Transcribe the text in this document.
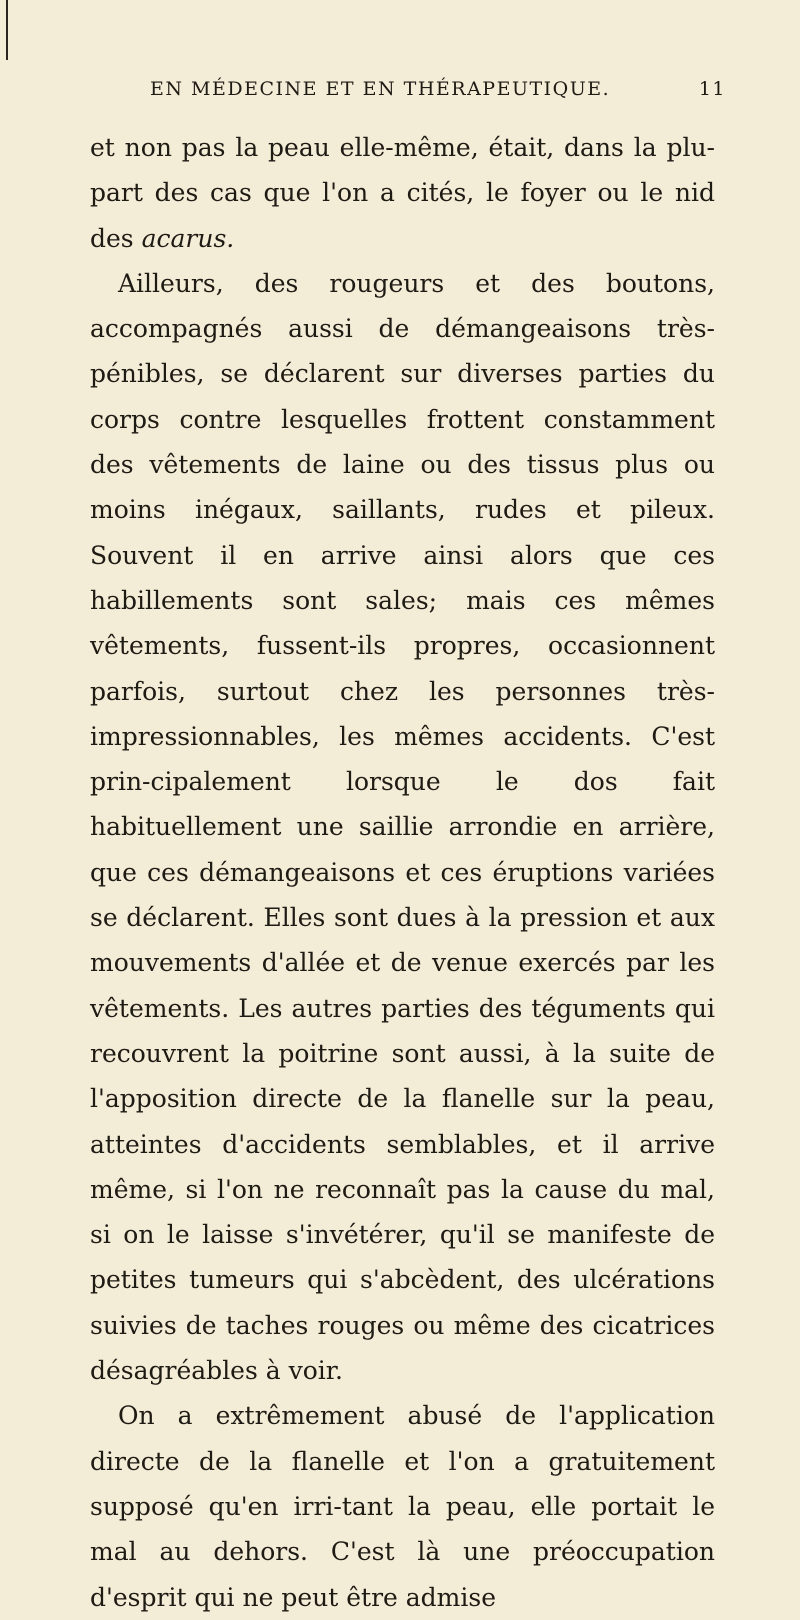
EN MÉDECINE ET EN THÉRAPEUTIQUE.	11

et non pas la peau elle-même, était, dans la plu-part des cas que l'on a cités, le foyer ou le nid des acarus.

Ailleurs, des rougeurs et des boutons, accompagnés aussi de démangeaisons très-pénibles, se déclarent sur diverses parties du corps contre lesquelles frottent constamment des vêtements de laine ou des tissus plus ou moins inégaux, saillants, rudes et pileux. Souvent il en arrive ainsi alors que ces habillements sont sales; mais ces mêmes vêtements, fussent-ils propres, occasionnent parfois, surtout chez les personnes très-impressionnables, les mêmes accidents. C'est prin-cipalement lorsque le dos fait habituellement une saillie arrondie en arrière, que ces démangeaisons et ces éruptions variées se déclarent. Elles sont dues à la pression et aux mouvements d'allée et de venue exercés par les vêtements. Les autres parties des téguments qui recouvrent la poitrine sont aussi, à la suite de l'apposition directe de la flanelle sur la peau, atteintes d'accidents semblables, et il arrive même, si l'on ne reconnaît pas la cause du mal, si on le laisse s'invétérer, qu'il se manifeste de petites tumeurs qui s'abcèdent, des ulcérations suivies de taches rouges ou même des cicatrices désagréables à voir.

On a extrêmement abusé de l'application directe de la flanelle et l'on a gratuitement supposé qu'en irri-tant la peau, elle portait le mal au dehors. C'est là une préoccupation d'esprit qui ne peut être admise
